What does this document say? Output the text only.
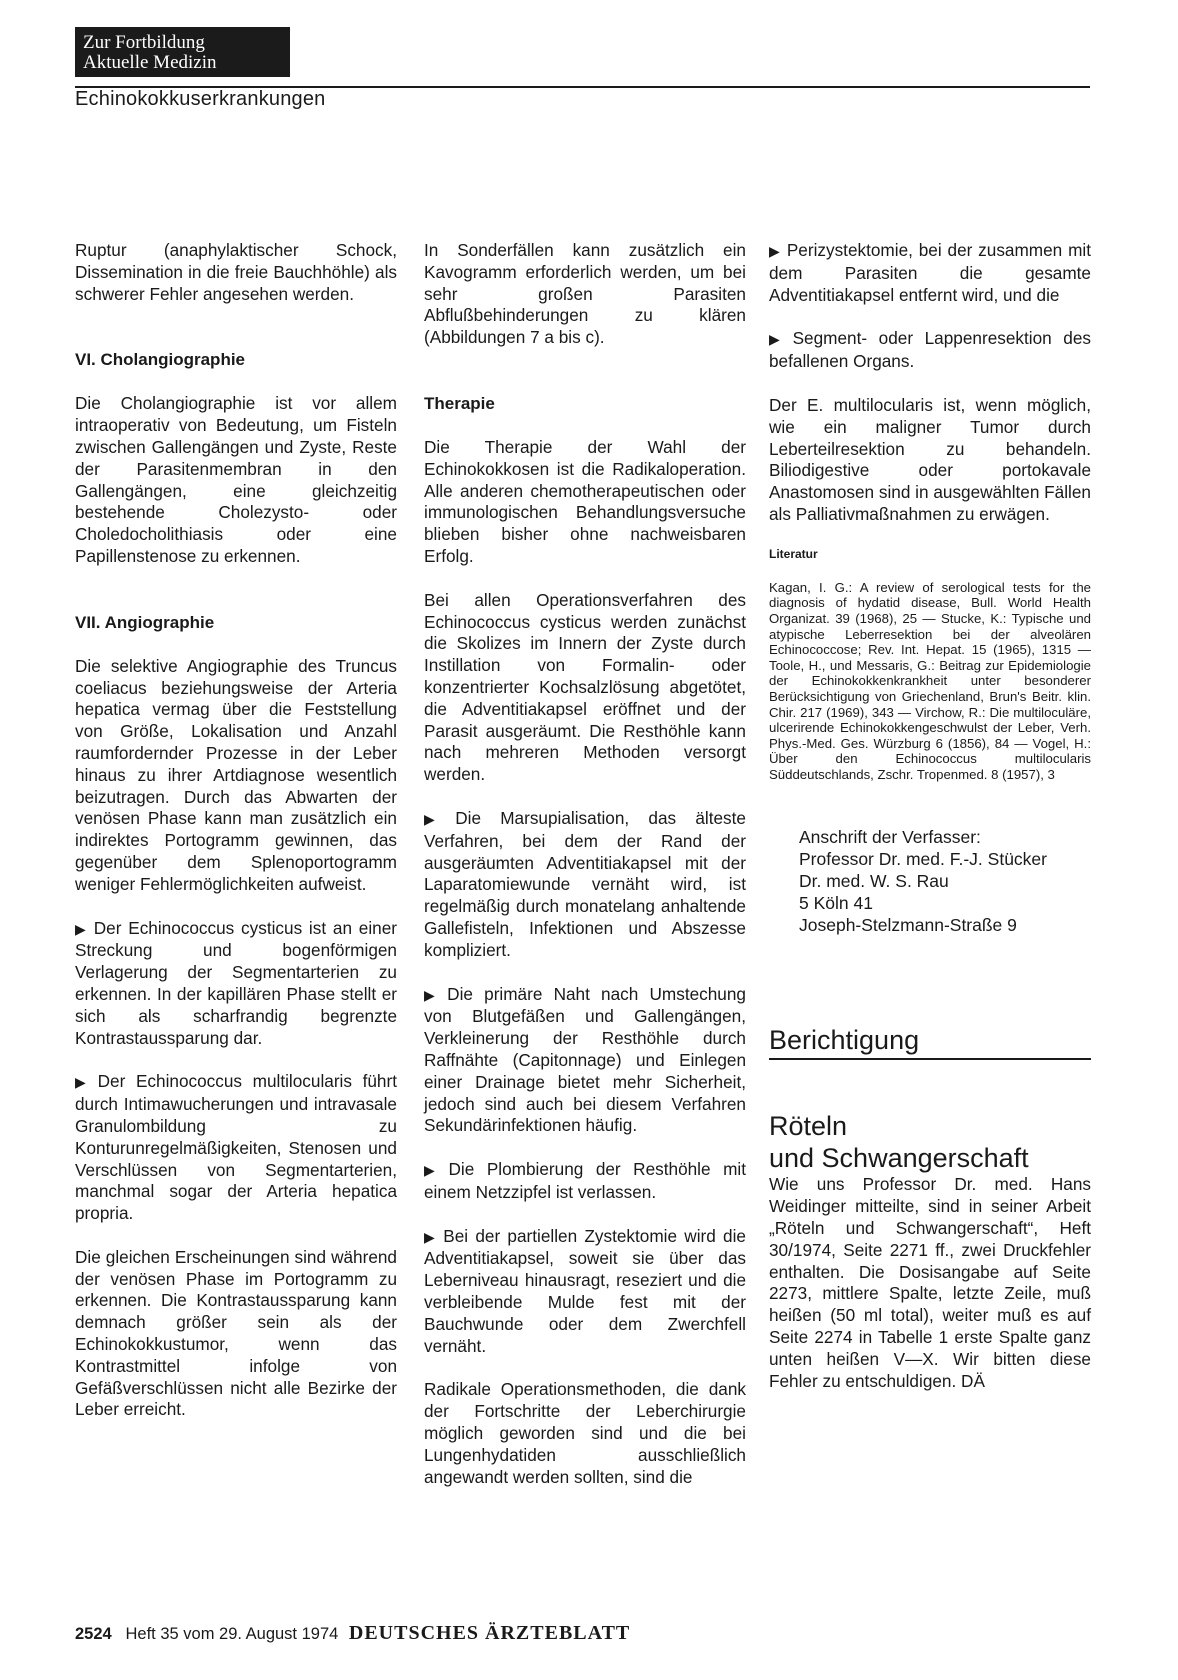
Zur Fortbildung
Aktuelle Medizin
Echinokokkuserkrankungen

Ruptur (anaphylaktischer Schock, Dissemination in die freie Bauchhöhle) als schwerer Fehler angesehen werden.

VI. Cholangiographie

Die Cholangiographie ist vor allem intraoperativ von Bedeutung, um Fisteln zwischen Gallengängen und Zyste, Reste der Parasitenmembran in den Gallengängen, eine gleichzeitig bestehende Cholezysto- oder Choledocholithiasis oder eine Papillenstenose zu erkennen.

VII. Angiographie

Die selektive Angiographie des Truncus coeliacus beziehungsweise der Arteria hepatica vermag über die Feststellung von Größe, Lokalisation und Anzahl raumfordernder Prozesse in der Leber hinaus zu ihrer Artdiagnose wesentlich beizutragen. Durch das Abwarten der venösen Phase kann man zusätzlich ein indirektes Portogramm gewinnen, das gegenüber dem Splenoportogramm weniger Fehlermöglichkeiten aufweist.

▶ Der Echinococcus cysticus ist an einer Streckung und bogenförmigen Verlagerung der Segmentarterien zu erkennen. In der kapillären Phase stellt er sich als scharfrandig begrenzte Kontrastaussparung dar.

▶ Der Echinococcus multilocularis führt durch Intimawucherungen und intravasale Granulombildung zu Konturunregelmäßigkeiten, Stenosen und Verschlüssen von Segmentarterien, manchmal sogar der Arteria hepatica propria.

Die gleichen Erscheinungen sind während der venösen Phase im Portogramm zu erkennen. Die Kontrastaussparung kann demnach größer sein als der Echinokokkustumor, wenn das Kontrastmittel infolge von Gefäßverschlüssen nicht alle Bezirke der Leber erreicht.

In Sonderfällen kann zusätzlich ein Kavogramm erforderlich werden, um bei sehr großen Parasiten Abflußbehinderungen zu klären (Abbildungen 7 a bis c).

Therapie

Die Therapie der Wahl der Echinokokkosen ist die Radikaloperation. Alle anderen chemotherapeutischen oder immunologischen Behandlungsversuche blieben bisher ohne nachweisbaren Erfolg.

Bei allen Operationsverfahren des Echinococcus cysticus werden zunächst die Skolizes im Innern der Zyste durch Instillation von Formalin- oder konzentrierter Kochsalzlösung abgetötet, die Adventitiakapsel eröffnet und der Parasit ausgeräumt. Die Resthöhle kann nach mehreren Methoden versorgt werden.

▶ Die Marsupialisation, das älteste Verfahren, bei dem der Rand der ausgeräumten Adventitiakapsel mit der Laparatomiewunde vernäht wird, ist regelmäßig durch monatelang anhaltende Gallefisteln, Infektionen und Abszesse kompliziert.

▶ Die primäre Naht nach Umstechung von Blutgefäßen und Gallengängen, Verkleinerung der Resthöhle durch Raffnähte (Capitonnage) und Einlegen einer Drainage bietet mehr Sicherheit, jedoch sind auch bei diesem Verfahren Sekundärinfektionen häufig.

▶ Die Plombierung der Resthöhle mit einem Netzzipfel ist verlassen.

▶ Bei der partiellen Zystektomie wird die Adventitiakapsel, soweit sie über das Leberniveau hinausragt, reseziert und die verbleibende Mulde fest mit der Bauchwunde oder dem Zwerchfell vernäht.

Radikale Operationsmethoden, die dank der Fortschritte der Leberchirurgie möglich geworden sind und die bei Lungenhydatiden ausschließlich angewandt werden sollten, sind die

▶ Perizystektomie, bei der zusammen mit dem Parasiten die gesamte Adventitiakapsel entfernt wird, und die

▶ Segment- oder Lappenresektion des befallenen Organs.

Der E. multilocularis ist, wenn möglich, wie ein maligner Tumor durch Leberteilresektion zu behandeln. Biliodigestive oder portokavale Anastomosen sind in ausgewählten Fällen als Palliativmaßnahmen zu erwägen.

Literatur
Kagan, I. G.: A review of serological tests for the diagnosis of hydatid disease, Bull. World Health Organizat. 39 (1968), 25 — Stucke, K.: Typische und atypische Leberresektion bei der alveolären Echinococcose; Rev. Int. Hepat. 15 (1965), 1315 — Toole, H., und Messaris, G.: Beitrag zur Epidemiologie der Echinokokkenkrankheit unter besonderer Berücksichtigung von Griechenland, Brun's Beitr. klin. Chir. 217 (1969), 343 — Virchow, R.: Die multiloculäre, ulcerirende Echinokokkengeschwulst der Leber, Verh. Phys.-Med. Ges. Würzburg 6 (1856), 84 — Vogel, H.: Über den Echinococcus multilocularis Süddeutschlands, Zschr. Tropenmed. 8 (1957), 3
Anschrift der Verfasser:
Professor Dr. med. F.-J. Stücker
Dr. med. W. S. Rau
5 Köln 41
Joseph-Stelzmann-Straße 9
Berichtigung
Röteln
und Schwangerschaft

Wie uns Professor Dr. med. Hans Weidinger mitteilte, sind in seiner Arbeit „Röteln und Schwangerschaft“, Heft 30/1974, Seite 2271 ff., zwei Druckfehler enthalten. Die Dosisangabe auf Seite 2273, mittlere Spalte, letzte Zeile, muß heißen (50 ml total), weiter muß es auf Seite 2274 in Tabelle 1 erste Spalte ganz unten heißen V—X. Wir bitten diese Fehler zu entschuldigen. DÄ

2524 Heft 35 vom 29. August 1974 DEUTSCHES ÄRZTEBLATT
